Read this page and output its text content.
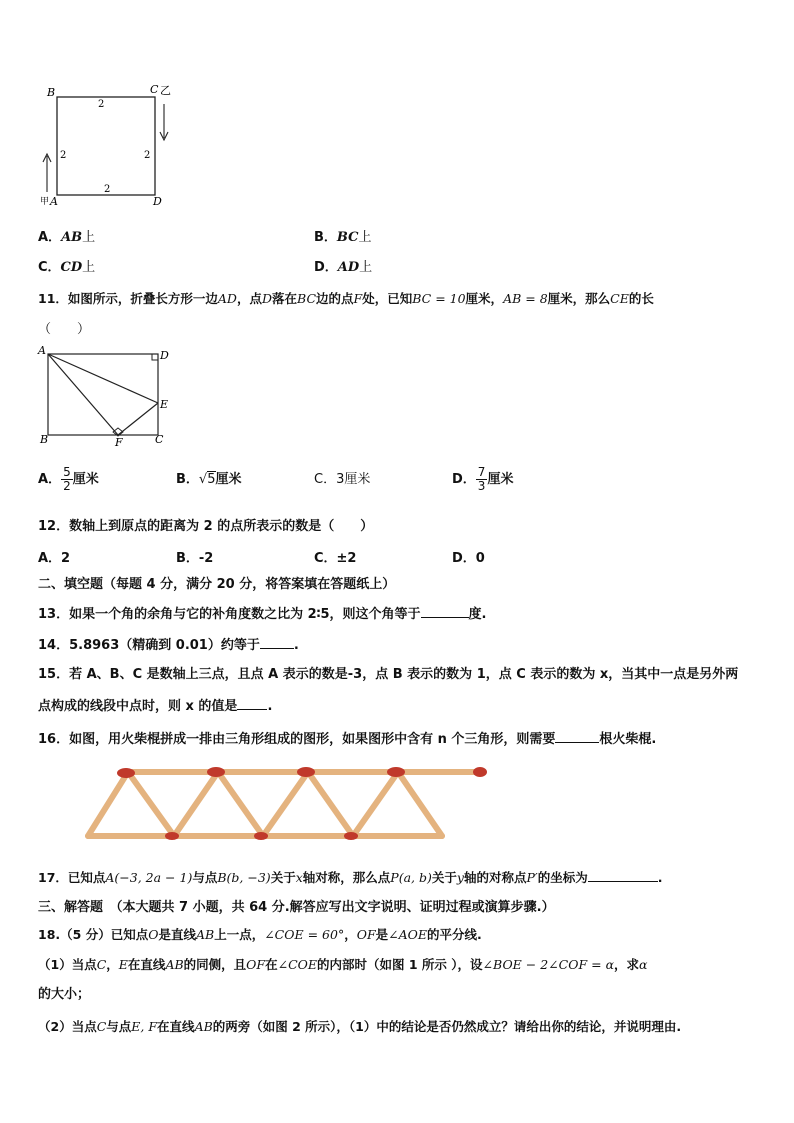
B	C 乙
2
2	2
2
甲 A	D
A．AB上	B．BC上
C．CD上	D．AD上
11．如图所示，折叠长方形一边AD，点D落在BC边的点F处，已知BC = 10厘米，AB = 8厘米，那么CE的长
（　　）
A	D
E
B	F	C
A． $\frac{5}{2}$ 厘米	B．√5厘米	C．3厘米	D． $\frac{7}{3}$ 厘米
12．数轴上到原点的距离为 2 的点所表示的数是（　　）
A．2	B．-2	C．±2	D．0
二、填空题（每题 4 分，满分 20 分，将答案填在答题纸上）
13．如果一个角的余角与它的补角度数之比为 2∶5，则这个角等于	度.
14．5.8963（精确到 0.01）约等于	.
15．若 A、B、C 是数轴上三点，且点 A 表示的数是-3，点 B 表示的数为 1，点 C 表示的数为 x，当其中一点是另外两
点构成的线段中点时，则 x 的值是 .
16．如图，用火柴棍拼成一排由三角形组成的图形，如果图形中含有 n 个三角形，则需要	根火柴棍.
17．已知点A(−3, 2a − 1)与点B(b, −3)关于x轴对称，那么点P(a, b)关于y轴的对称点P′的坐标为	.
三、解答题　（本大题共 7 小题，共 64 分.解答应写出文字说明、证明过程或演算步骤.）
18.（5 分）已知点O是直线AB上一点，∠COE = 60°，OF是∠AOE的平分线.
（1）当点C，E在直线AB的同侧，且OF在∠COE的内部时（如图 1 所示 ），设∠BOE − 2∠COF = α，求α
的大小；
（2）当点C与点E, F在直线AB的两旁（如图 2 所示），（1）中的结论是否仍然成立？请给出你的结论，并说明理由.
